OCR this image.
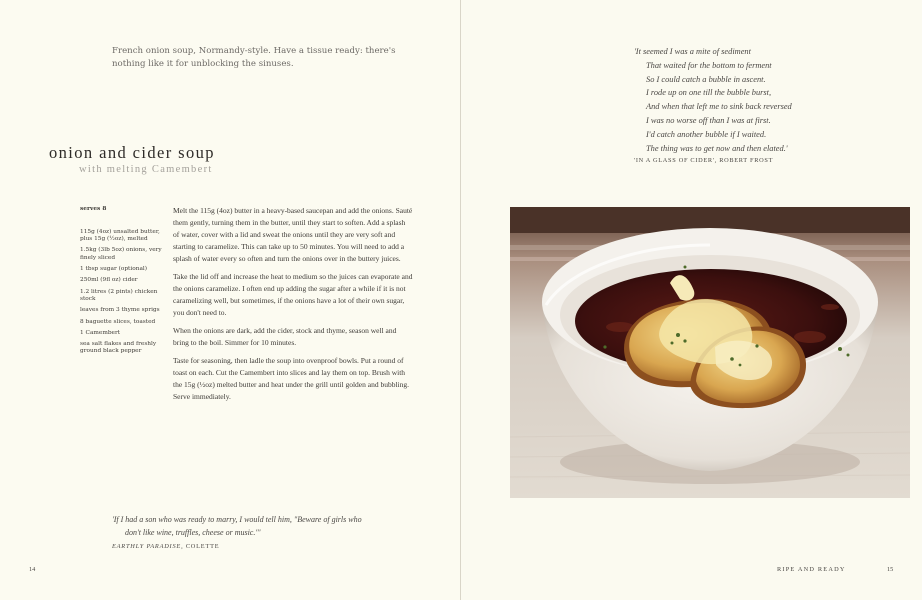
French onion soup, Normandy-style. Have a tissue ready: there's nothing like it for unblocking the sinuses.
onion and cider soup
with melting Camembert
serves 8
115g (4oz) unsalted butter, plus 15g (½oz), melted
1.5kg (3lb 5oz) onions, very finely sliced
1 tbsp sugar (optional)
250ml (9fl oz) cider
1.2 litres (2 pints) chicken stock
leaves from 3 thyme sprigs
8 baguette slices, toasted
1 Camembert
sea salt flakes and freshly ground black pepper

Melt the 115g (4oz) butter in a heavy-based saucepan and add the onions. Sauté them gently, turning them in the butter, until they start to soften. Add a splash of water, cover with a lid and sweat the onions until they are very soft and starting to caramelize. This can take up to 50 minutes. You will need to add a splash of water every so often and turn the onions over in the buttery juices.

Take the lid off and increase the heat to medium so the juices can evaporate and the onions caramelize. I often end up adding the sugar after a while if it is not caramelizing well, but sometimes, if the onions have a lot of their own sugar, you don't need to.

When the onions are dark, add the cider, stock and thyme, season well and bring to the boil. Simmer for 10 minutes.

Taste for seasoning, then ladle the soup into ovenproof bowls. Put a round of toast on each. Cut the Camembert into slices and lay them on top. Brush with the 15g (½oz) melted butter and heat under the grill until golden and bubbling. Serve immediately.

'If I had a son who was ready to marry, I would tell him, "Beware of girls who
don't like wine, truffles, cheese or music."'
EARTHLY PARADISE, COLETTE
14
'It seemed I was a mite of sediment
That waited for the bottom to ferment
So I could catch a bubble in ascent.
I rode up on one till the bubble burst,
And when that left me to sink back reversed
I was no worse off than I was at first.
I'd catch another bubble if I waited.
The thing was to get now and then elated.'
'IN A GLASS OF CIDER', ROBERT FROST
RIPE AND READY	15
